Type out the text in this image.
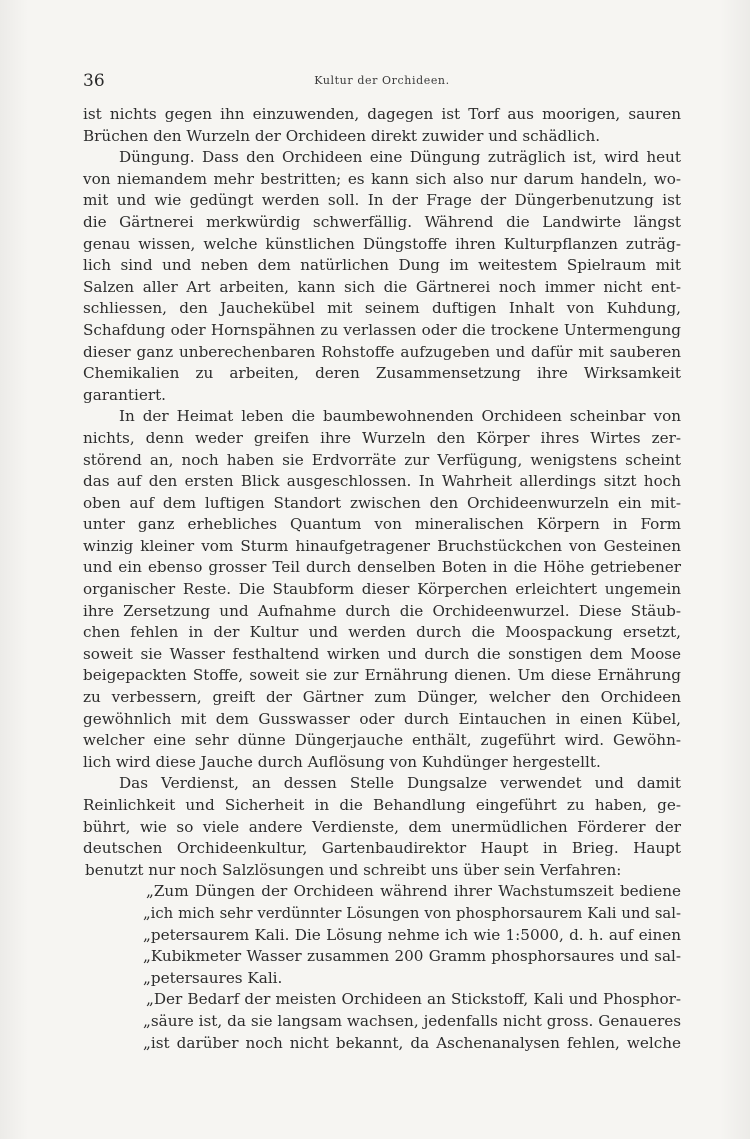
36	Kultur der Orchideen.
ist nichts gegen ihn einzuwenden, dagegen ist Torf aus moorigen, sauren
Brüchen den Wurzeln der Orchideen direkt zuwider und schädlich.
Düngung. Dass den Orchideen eine Düngung zuträglich ist, wird heut
von niemandem mehr bestritten; es kann sich also nur darum handeln, wo-
mit und wie gedüngt werden soll. In der Frage der Düngerbenutzung ist
die Gärtnerei merkwürdig schwerfällig. Während die Landwirte längst
genau wissen, welche künstlichen Düngstoffe ihren Kulturpflanzen zuträg-
lich sind und neben dem natürlichen Dung im weitestem Spielraum mit
Salzen aller Art arbeiten, kann sich die Gärtnerei noch immer nicht ent-
schliessen, den Jauchekübel mit seinem duftigen Inhalt von Kuhdung,
Schafdung oder Hornspähnen zu verlassen oder die trockene Untermengung
dieser ganz unberechenbaren Rohstoffe aufzugeben und dafür mit sauberen
Chemikalien zu arbeiten, deren Zusammensetzung ihre Wirksamkeit
garantiert.
In der Heimat leben die baumbewohnenden Orchideen scheinbar von
nichts, denn weder greifen ihre Wurzeln den Körper ihres Wirtes zer-
störend an, noch haben sie Erdvorräte zur Verfügung, wenigstens scheint
das auf den ersten Blick ausgeschlossen. In Wahrheit allerdings sitzt hoch
oben auf dem luftigen Standort zwischen den Orchideenwurzeln ein mit-
unter ganz erhebliches Quantum von mineralischen Körpern in Form
winzig kleiner vom Sturm hinaufgetragener Bruchstückchen von Gesteinen
und ein ebenso grosser Teil durch denselben Boten in die Höhe getriebener
organischer Reste. Die Staubform dieser Körperchen erleichtert ungemein
ihre Zersetzung und Aufnahme durch die Orchideenwurzel. Diese Stäub-
chen fehlen in der Kultur und werden durch die Moospackung ersetzt,
soweit sie Wasser festhaltend wirken und durch die sonstigen dem Moose
beigepackten Stoffe, soweit sie zur Ernährung dienen. Um diese Ernährung
zu verbessern, greift der Gärtner zum Dünger, welcher den Orchideen
gewöhnlich mit dem Gusswasser oder durch Eintauchen in einen Kübel,
welcher eine sehr dünne Düngerjauche enthält, zugeführt wird. Gewöhn-
lich wird diese Jauche durch Auflösung von Kuhdünger hergestellt.
Das Verdienst, an dessen Stelle Dungsalze verwendet und damit
Reinlichkeit und Sicherheit in die Behandlung eingeführt zu haben, ge-
bührt, wie so viele andere Verdienste, dem unermüdlichen Förderer der
deutschen Orchideenkultur, Gartenbaudirektor Haupt in Brieg. Haupt
benutzt nur noch Salzlösungen und schreibt uns über sein Verfahren:
„Zum Düngen der Orchideen während ihrer Wachstumszeit bediene
„ich mich sehr verdünnter Lösungen von phosphorsaurem Kali und sal-
„petersaurem Kali. Die Lösung nehme ich wie 1:5000, d. h. auf einen
„Kubikmeter Wasser zusammen 200 Gramm phosphorsaures und sal-
„petersaures Kali.
„Der Bedarf der meisten Orchideen an Stickstoff, Kali und Phosphor-
„säure ist, da sie langsam wachsen, jedenfalls nicht gross. Genaueres
„ist darüber noch nicht bekannt, da Aschenanalysen fehlen, welche
